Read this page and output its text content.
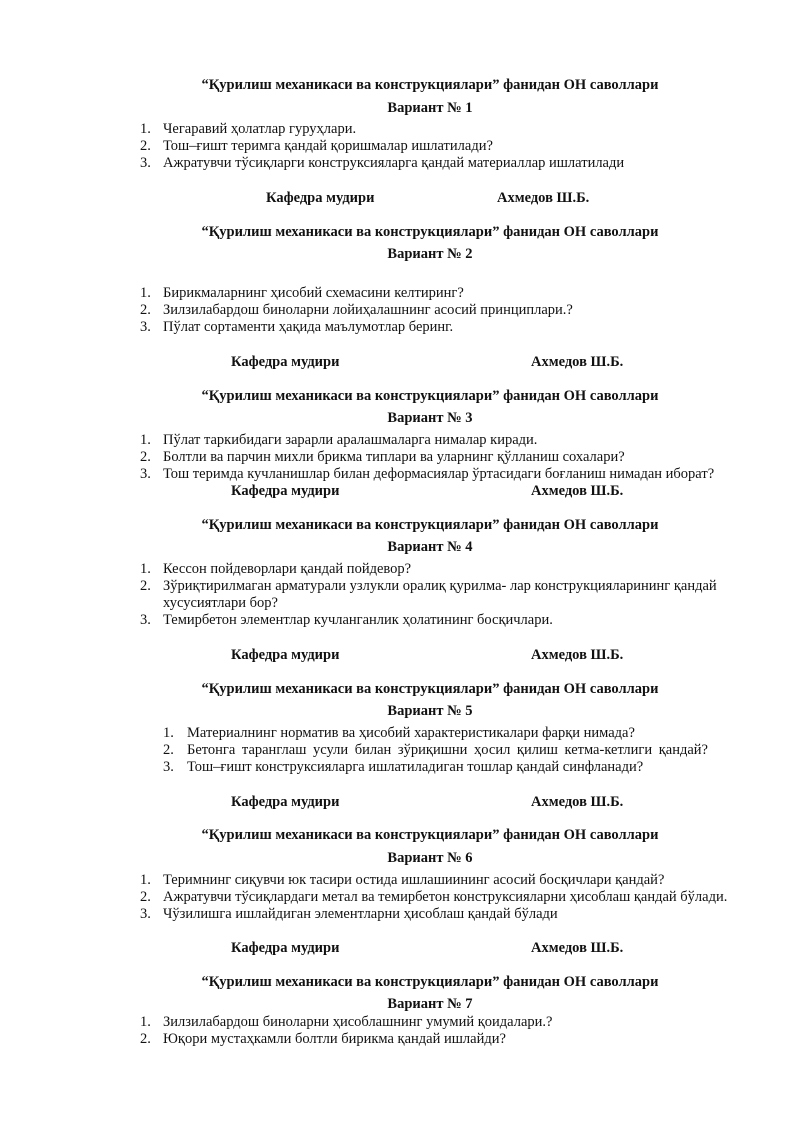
“Қурилиш механикаси ва конструкциялари” фанидан ОН саволлари
Вариант № 1
1. Чегаравий ҳолатлар гуруҳлари.
2. Тош–ғишт теримга қандай қоришмалар ишлатилади?
3. Ажратувчи тўсиқларги конструксияларга қандай материаллар ишлатилади
Кафедра мудири	Ахмедов Ш.Б.
“Қурилиш механикаси ва конструкциялари” фанидан ОН саволлари
Вариант № 2
1. Бирикмаларнинг ҳисобий схемасини келтиринг?
2. Зилзилабардош биноларни лойиҳалашнинг асосий принциплари.?
3. Пўлат сортаменти ҳақида маълумотлар беринг.
Кафедра мудири	Ахмедов Ш.Б.
“Қурилиш механикаси ва конструкциялари” фанидан ОН саволлари
Вариант № 3
1. Пўлат таркибидаги зарарли аралашмаларга нималар киради.
2. Болтли ва парчин михли брикма типлари ва уларнинг қўлланиш сохалари?
3. Тош теримда кучланишлар билан деформасиялар ўртасидаги боғланиш нимадан иборат?
Кафедра мудири	Ахмедов Ш.Б.
“Қурилиш механикаси ва конструкциялари” фанидан ОН саволлари
Вариант № 4
1. Кессон пойдеворлари қандай пойдевор?
2. Зўриқтирилмаган арматурали узлукли оралиқ қурилма- лар конструкцияларининг қандай хусусиятлари бор?
3. Темирбетон элементлар кучланганлик ҳолатининг босқичлари.
Кафедра мудири	Ахмедов Ш.Б.
“Қурилиш механикаси ва конструкциялари” фанидан ОН саволлари
Вариант № 5
1. Материалнинг норматив ва ҳисобий характеристикалари фарқи нимада?
2. Бетонга таранглаш усули билан зўриқишни ҳосил қилиш кетма-кетлиги қандай?
3. Тош–ғишт конструксияларга ишлатиладиган тошлар қандай синфланади?
Кафедра мудири	Ахмедов Ш.Б.
“Қурилиш механикаси ва конструкциялари” фанидан ОН саволлари
Вариант № 6
1. Теримнинг сиқувчи юк тасири остида ишлашиининг асосий босқичлари қандай?
2. Ажратувчи тўсиқлардаги метал ва темирбетон конструксияларни ҳисоблаш қандай бўлади.
3. Чўзилишга ишлайдиган элементларни ҳисоблаш қандай бўлади
Кафедра мудири	Ахмедов Ш.Б.
“Қурилиш механикаси ва конструкциялари” фанидан ОН саволлари
Вариант № 7
1. Зилзилабардош биноларни ҳисоблашнинг умумий қоидалари.?
2. Юқори мустаҳкамли болтли бирикма қандай ишлайди?
